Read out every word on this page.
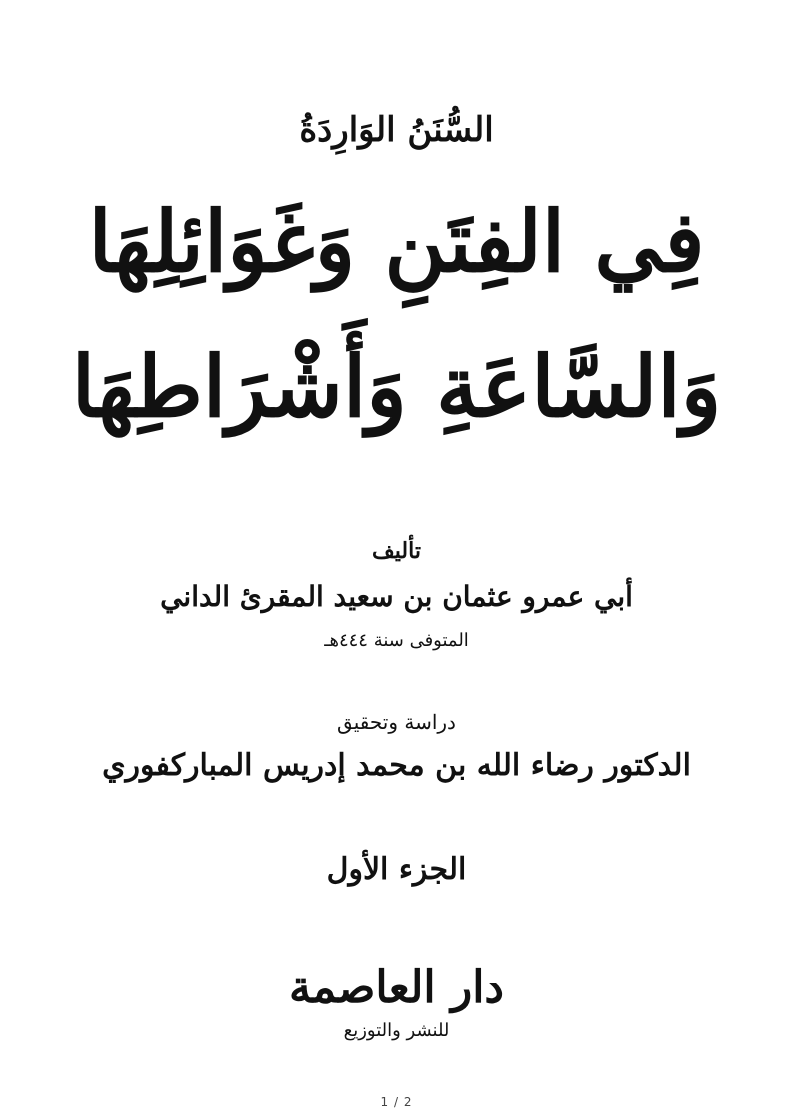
السُّنَنُ الوَارِدَةُ
فِي الفِتَنِ وَغَوَائِلِهَا
وَالسَّاعَةِ وَأَشْرَاطِهَا
تأليف
أبي عمرو عثمان بن سعيد المقرئ الداني
المتوفى سنة ٤٤٤هـ
دراسة وتحقيق
الدكتور رضاء الله بن محمد إدريس المباركفوري
الجزء الأول
دار العاصمة
للنشر والتوزيع
1 / 2
